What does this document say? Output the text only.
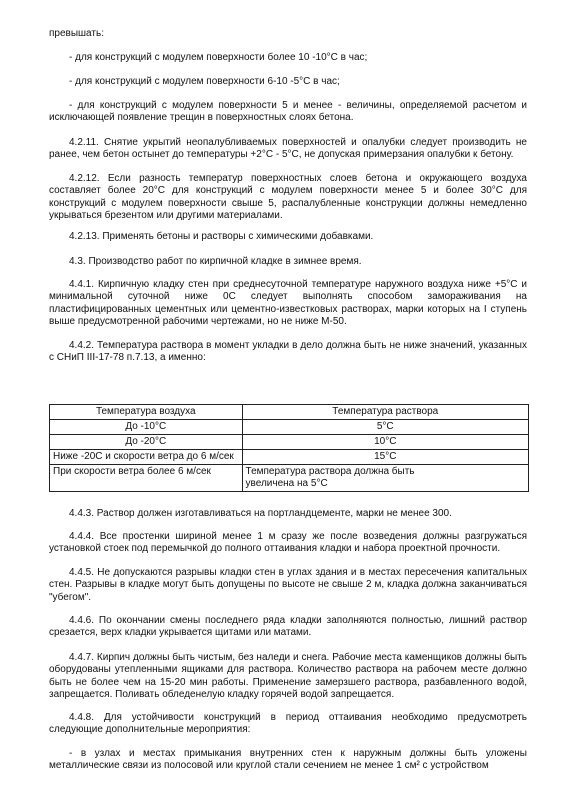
превышать:

- для конструкций с модулем поверхности более 10 -10°С в час;

- для конструкций с модулем поверхности 6-10 -5°С в час;

- для конструкций с модулем поверхности 5 и менее - величины, определяемой расчетом и исключающей появление трещин в поверхностных слоях бетона.

4.2.11. Снятие укрытий неопалубливаемых поверхностей и опалубки следует производить не ранее, чем бетон остынет до температуры +2°С - 5°С, не допуская примерзания опалубки к бетону.

4.2.12. Если разность температур поверхностных слоев бетона и окружающего воздуха составляет более 20°С для конструкций с модулем поверхности менее 5 и более 30°С для конструкций с модулем поверхности свыше 5, распалубленные конструкции должны немедленно укрываться брезентом или другими материалами.

4.2.13. Применять бетоны и растворы с химическими добавками.

4.3. Производство работ по кирпичной кладке в зимнее время.

4.4.1. Кирпичную кладку стен при среднесуточной температуре наружного воздуха ниже +5°С и минимальной суточной ниже 0С следует выполнять способом замораживания на пластифицированных цементных или цементно-известковых растворах, марки которых на I ступень выше предусмотренной рабочими чертежами, но не ниже М-50.

4.4.2. Температура раствора в момент укладки в дело должна быть не ниже значений, указанных с СНиП III-17-78 п.7.13, а именно:

Температура воздуха	Температура раствора
До -10°С	5°С
До -20°С	10°С
Ниже -20С и скорости ветра до 6 м/сек	15°С
При скорости ветра более 6 м/сек	Температура раствора должна быть увеличена на 5°С

4.4.3. Раствор должен изготавливаться на портландцементе, марки не менее 300.

4.4.4. Все простенки шириной менее 1 м сразу же после возведения должны разгружаться установкой стоек под перемычкой до полного оттаивания кладки и набора проектной прочности.

4.4.5. Не допускаются разрывы кладки стен в углах здания и в местах пересечения капитальных стен. Разрывы в кладке могут быть допущены по высоте не свыше 2 м, кладка должна заканчиваться "убегом".

4.4.6. По окончании смены последнего ряда кладки заполняются полностью, лишний раствор срезается, верх кладки укрывается щитами или матами.

4.4.7. Кирпич должны быть чистым, без наледи и снега. Рабочие места каменщиков должны быть оборудованы утепленными ящиками для раствора. Количество раствора на рабочем месте должно быть не более чем на 15-20 мин работы. Применение замерзшего раствора, разбавленного водой, запрещается. Поливать обледенелую кладку горячей водой запрещается.

4.4.8. Для устойчивости конструкций в период оттаивания необходимо предусмотреть следующие дополнительные мероприятия:

- в узлах и местах примыкания внутренних стен к наружным должны быть уложены металлические связи из полосовой или круглой стали сечением не менее 1 см² с устройством
